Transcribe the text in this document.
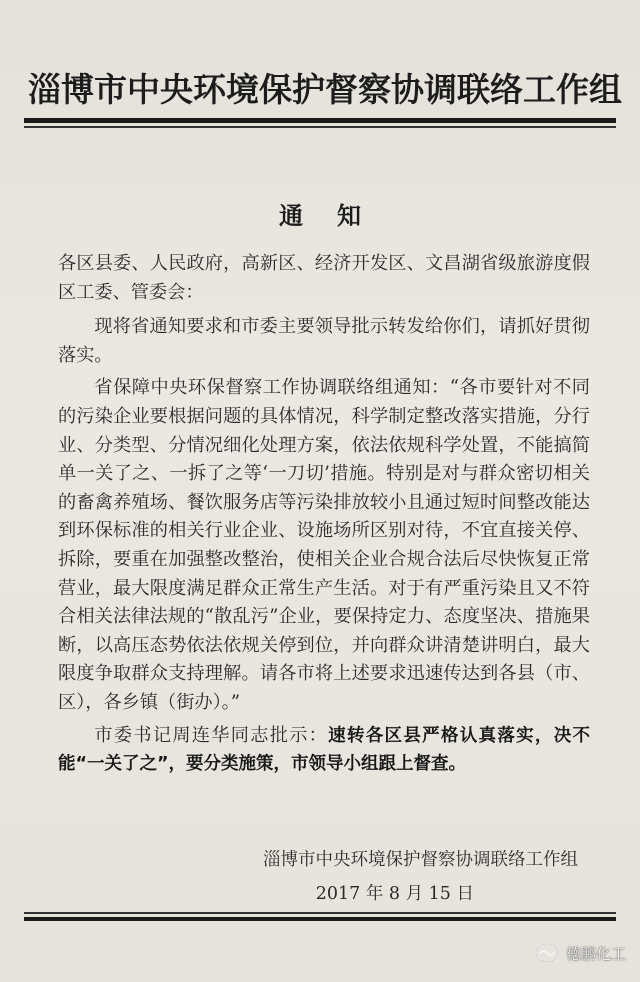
淄博市中央环境保护督察协调联络工作组
通知

各区县委、人民政府，高新区、经济开发区、文昌湖省级旅游度假区工委、管委会：

现将省通知要求和市委主要领导批示转发给你们，请抓好贯彻落实。

省保障中央环保督察工作协调联络组通知：“各市要针对不同的污染企业要根据问题的具体情况，科学制定整改落实措施，分行业、分类型、分情况细化处理方案，依法依规科学处置，不能搞简单一关了之、一拆了之等‘一刀切’措施。特别是对与群众密切相关的畜禽养殖场、餐饮服务店等污染排放较小且通过短时间整改能达到环保标准的相关行业企业、设施场所区别对待，不宜直接关停、拆除，要重在加强整改整治，使相关企业合规合法后尽快恢复正常营业，最大限度满足群众正常生产生活。对于有严重污染且又不符合相关法律法规的“散乱污”企业，要保持定力、态度坚决、措施果断，以高压态势依法依规关停到位，并向群众讲清楚讲明白，最大限度争取群众支持理解。请各市将上述要求迅速传达到各县（市、区），各乡镇（街办）。”

市委书记周连华同志批示：速转各区县严格认真落实，决不能“一关了之”，要分类施策，市领导小组跟上督查。

淄博市中央环境保护督察协调联络工作组
2017 年 8 月 15 日
德鹏化工
